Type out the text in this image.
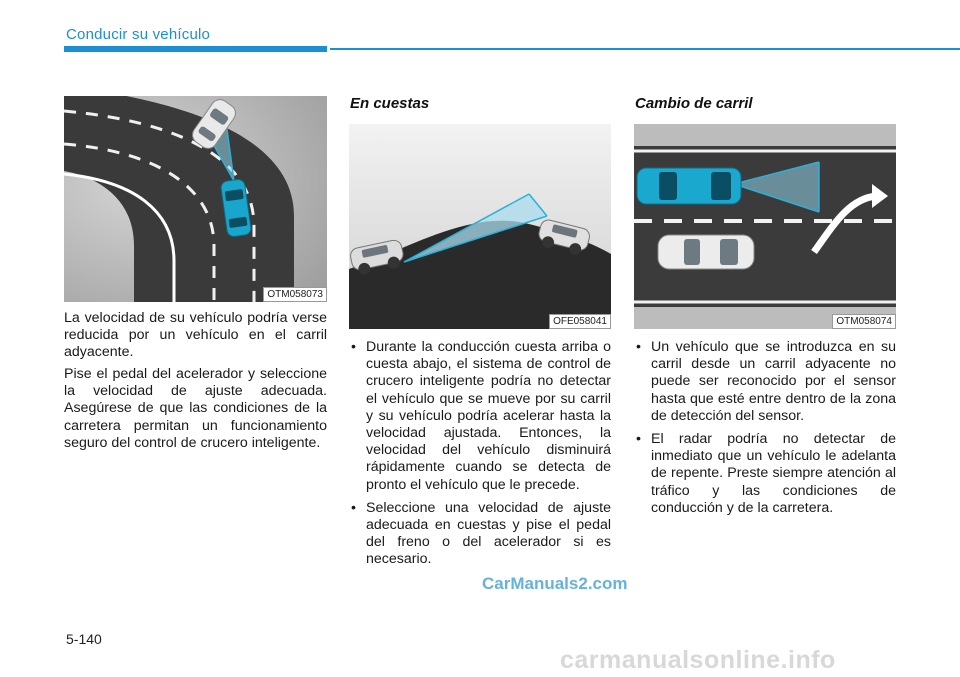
Conducir su vehículo
OTM058073

La velocidad de su vehículo podría verse reducida por un vehículo en el carril adyacente.

Pise el pedal del acelerador y seleccione la velocidad de ajuste adecuada. Asegúrese de que las condiciones de la carretera permitan un funcionamiento seguro del control de crucero inteligente.

En cuestas
OFE058041
• Durante la conducción cuesta arriba o cuesta abajo, el sistema de control de crucero inteligente podría no detectar el vehículo que se mueve por su carril y su vehículo podría acelerar hasta la velocidad ajustada. Entonces, la velocidad del vehículo disminuirá rápidamente cuando se detecta de pronto el vehículo que le precede.
• Seleccione una velocidad de ajuste adecuada en cuestas y pise el pedal del freno o del acelerador si es necesario.
Cambio de carril
OTM058074
• Un vehículo que se introduzca en su carril desde un carril adyacente no puede ser reconocido por el sensor hasta que esté entre dentro de la zona de detección del sensor.
• El radar podría no detectar de inmediato que un vehículo le adelanta de repente. Preste siempre atención al tráfico y las condiciones de conducción y de la carretera.
CarManuals2.com
5-140
carmanualsonline.info
